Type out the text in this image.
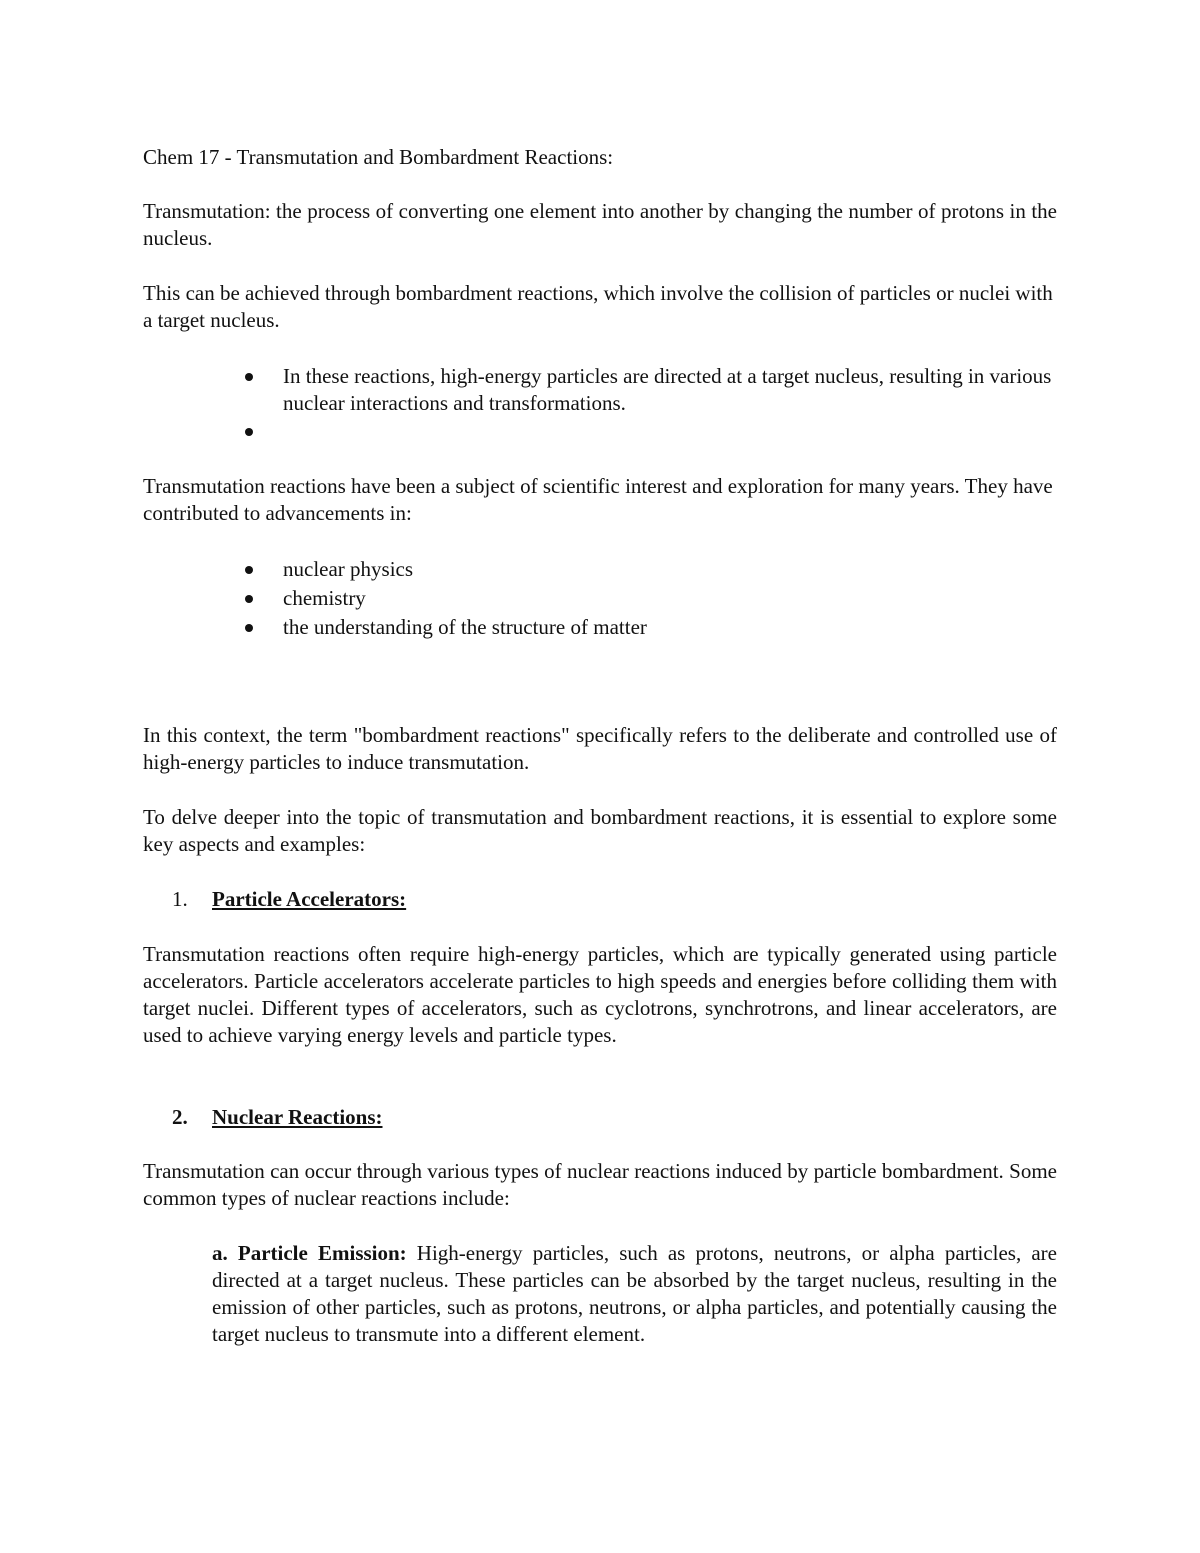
Chem 17 - Transmutation and Bombardment Reactions:

Transmutation: the process of converting one element into another by changing the number of protons in the nucleus.

This can be achieved through bombardment reactions, which involve the collision of particles or nuclei with a target nucleus.

In these reactions, high-energy particles are directed at a target nucleus, resulting in various nuclear interactions and transformations.

Transmutation reactions have been a subject of scientific interest and exploration for many years. They have contributed to advancements in:

nuclear physics
chemistry
the understanding of the structure of matter

In this context, the term "bombardment reactions" specifically refers to the deliberate and controlled use of high-energy particles to induce transmutation.

To delve deeper into the topic of transmutation and bombardment reactions, it is essential to explore some key aspects and examples:

1. Particle Accelerators:

Transmutation reactions often require high-energy particles, which are typically generated using particle accelerators. Particle accelerators accelerate particles to high speeds and energies before colliding them with target nuclei. Different types of accelerators, such as cyclotrons, synchrotrons, and linear accelerators, are used to achieve varying energy levels and particle types.

2. Nuclear Reactions:

Transmutation can occur through various types of nuclear reactions induced by particle bombardment. Some common types of nuclear reactions include:

a. Particle Emission: High-energy particles, such as protons, neutrons, or alpha particles, are directed at a target nucleus. These particles can be absorbed by the target nucleus, resulting in the emission of other particles, such as protons, neutrons, or alpha particles, and potentially causing the target nucleus to transmute into a different element.
